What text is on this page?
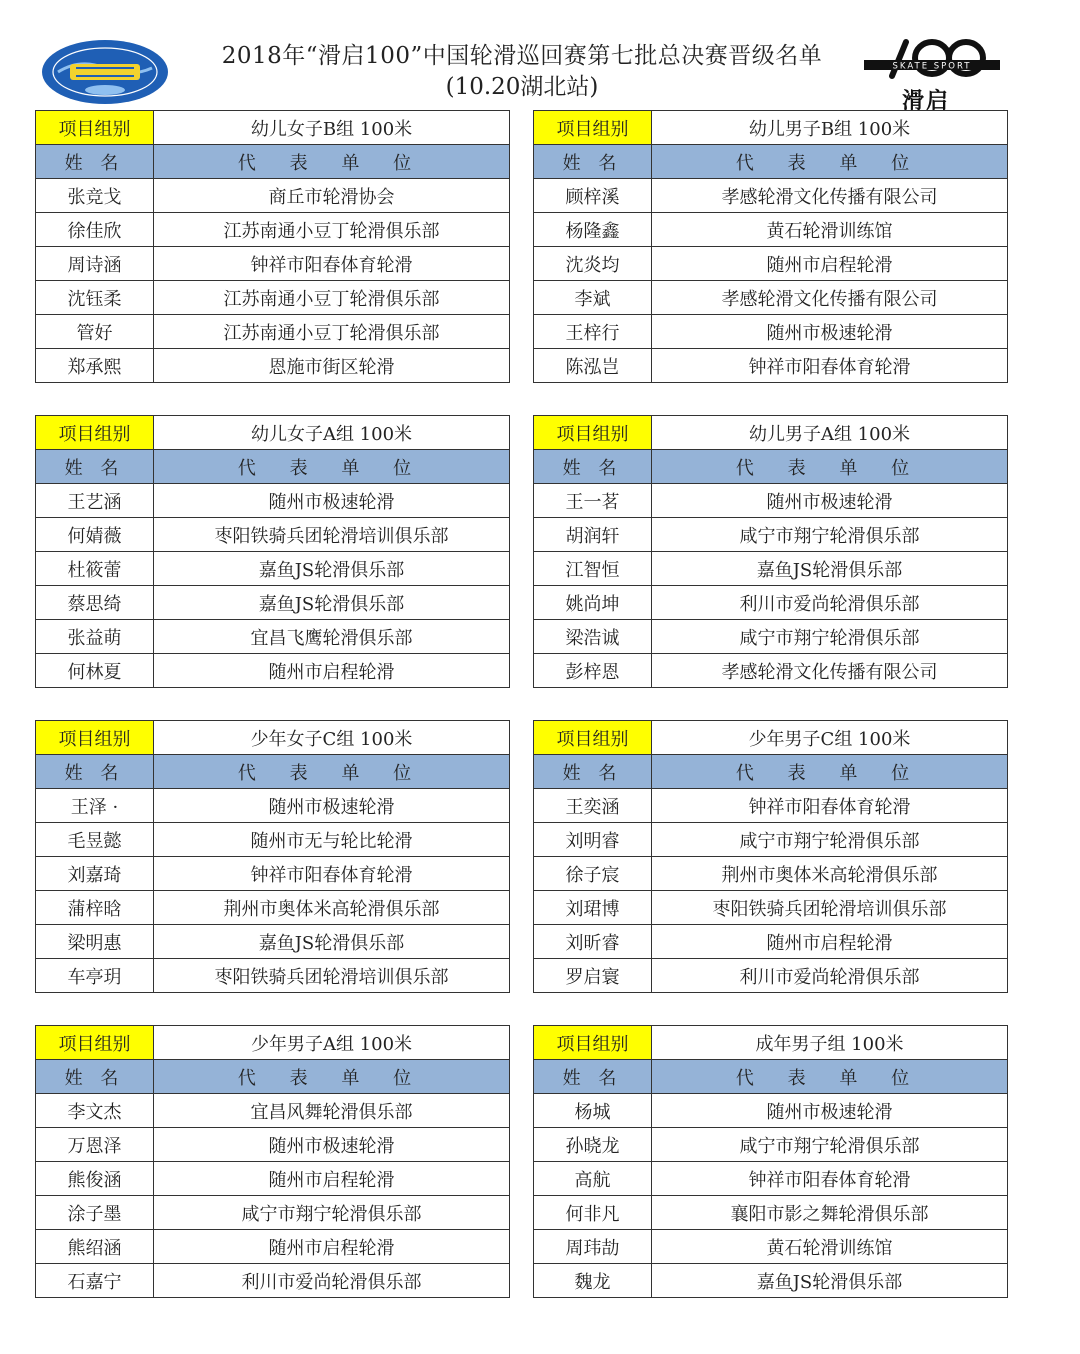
2018年“滑启100”中国轮滑巡回赛第七批总决赛晋级名单
(10.20湖北站)
SKATE SPORT
滑启
项目组别	幼儿女子B组 100米
姓 名	代 表 单 位
张竞戈	商丘市轮滑协会
徐佳欣	江苏南通小豆丁轮滑俱乐部
周诗涵	钟祥市阳春体育轮滑
沈钰柔	江苏南通小豆丁轮滑俱乐部
管好	江苏南通小豆丁轮滑俱乐部
郑承熙	恩施市街区轮滑
项目组别	幼儿男子B组 100米
姓 名	代 表 单 位
顾梓溪	孝感轮滑文化传播有限公司
杨隆鑫	黄石轮滑训练馆
沈炎均	随州市启程轮滑
李斌	孝感轮滑文化传播有限公司
王梓行	随州市极速轮滑
陈泓岂	钟祥市阳春体育轮滑
项目组别	幼儿女子A组 100米
姓 名	代 表 单 位
王艺涵	随州市极速轮滑
何婧薇	枣阳铁骑兵团轮滑培训俱乐部
杜筱蕾	嘉鱼JS轮滑俱乐部
蔡思绮	嘉鱼JS轮滑俱乐部
张益萌	宜昌飞鹰轮滑俱乐部
何林夏	随州市启程轮滑
项目组别	幼儿男子A组 100米
姓 名	代 表 单 位
王一茗	随州市极速轮滑
胡润轩	咸宁市翔宁轮滑俱乐部
江智恒	嘉鱼JS轮滑俱乐部
姚尚坤	利川市爱尚轮滑俱乐部
梁浩诚	咸宁市翔宁轮滑俱乐部
彭梓恩	孝感轮滑文化传播有限公司
项目组别	少年女子C组 100米
姓 名	代 表 单 位
王泽 ·	随州市极速轮滑
毛昱懿	随州市无与轮比轮滑
刘嘉琦	钟祥市阳春体育轮滑
蒲梓晗	荆州市奥体米高轮滑俱乐部
梁明惠	嘉鱼JS轮滑俱乐部
车亭玥	枣阳铁骑兵团轮滑培训俱乐部
项目组别	少年男子C组 100米
姓 名	代 表 单 位
王奕涵	钟祥市阳春体育轮滑
刘明睿	咸宁市翔宁轮滑俱乐部
徐子宸	荆州市奥体米高轮滑俱乐部
刘珺博	枣阳铁骑兵团轮滑培训俱乐部
刘昕睿	随州市启程轮滑
罗启寰	利川市爱尚轮滑俱乐部
项目组别	少年男子A组 100米
姓 名	代 表 单 位
李文杰	宜昌风舞轮滑俱乐部
万恩泽	随州市极速轮滑
熊俊涵	随州市启程轮滑
涂子墨	咸宁市翔宁轮滑俱乐部
熊绍涵	随州市启程轮滑
石嘉宁	利川市爱尚轮滑俱乐部
项目组别	成年男子组 100米
姓 名	代 表 单 位
杨城	随州市极速轮滑
孙晓龙	咸宁市翔宁轮滑俱乐部
高航	钟祥市阳春体育轮滑
何非凡	襄阳市影之舞轮滑俱乐部
周玮劼	黄石轮滑训练馆
魏龙	嘉鱼JS轮滑俱乐部
